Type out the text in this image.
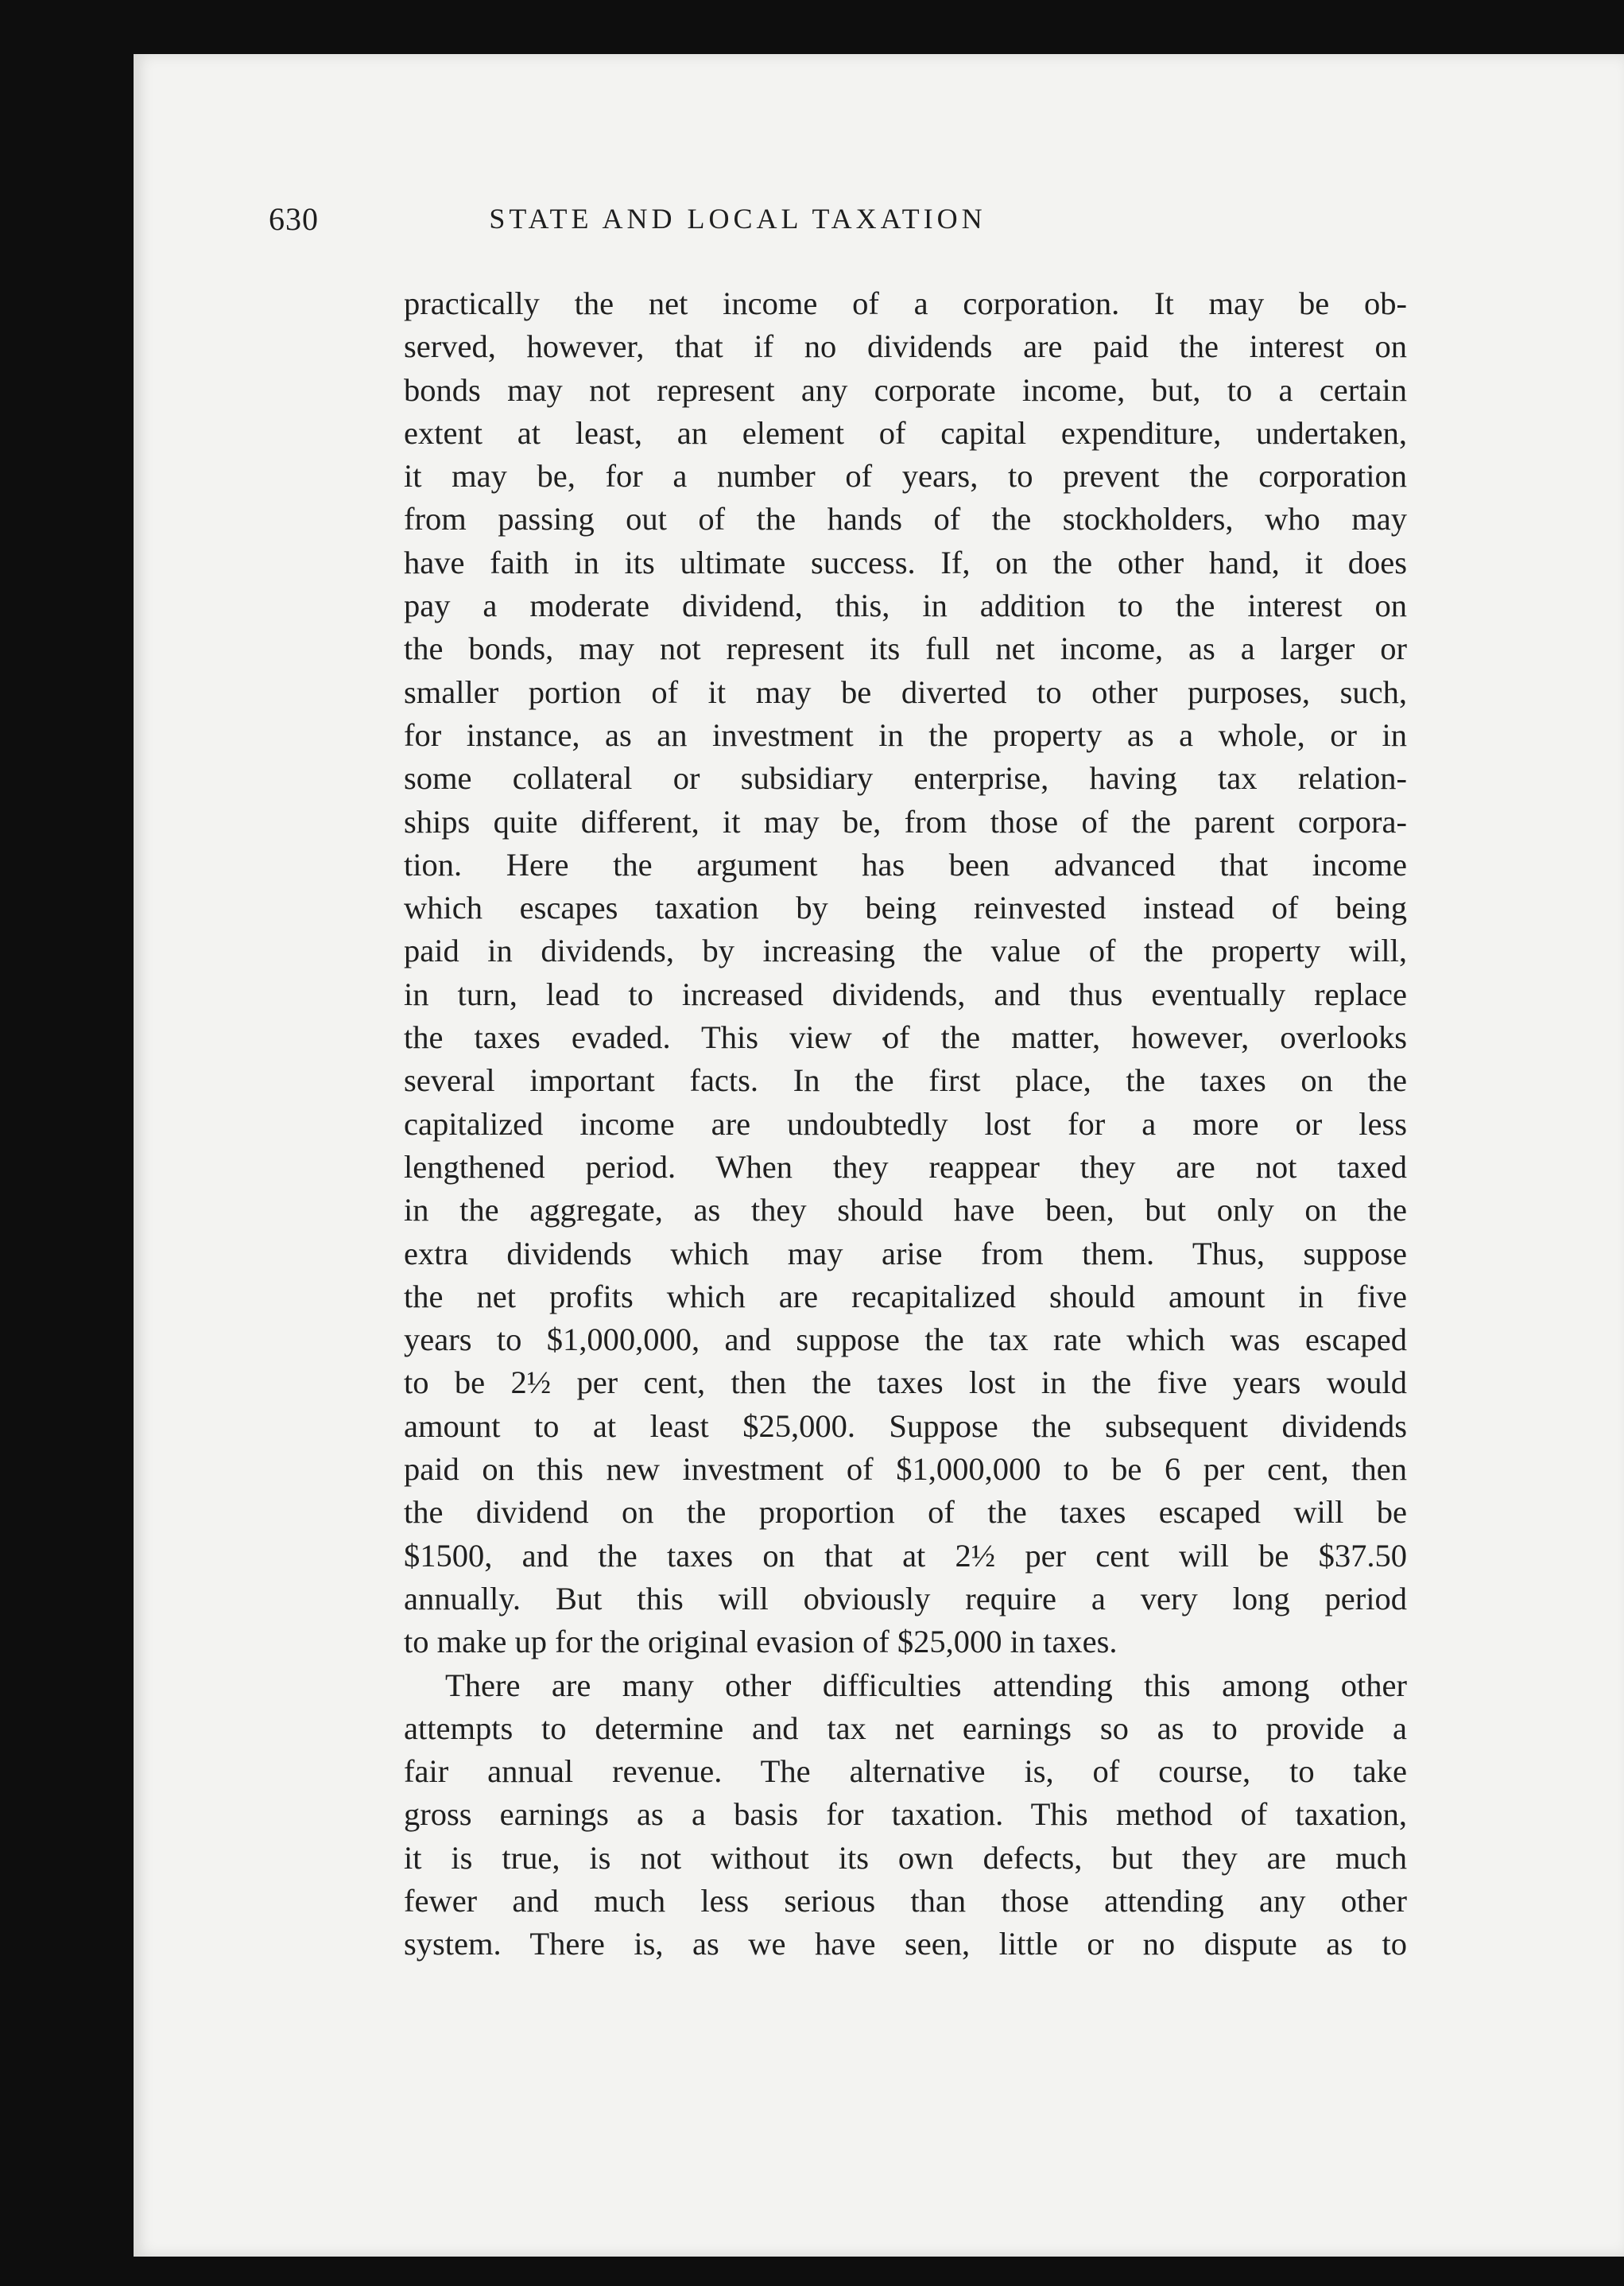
630	STATE AND LOCAL TAXATION

practically the net income of a corporation. It may be ob-

served, however, that if no dividends are paid the interest on

bonds may not represent any corporate income, but, to a certain

extent at least, an element of capital expenditure, undertaken,

it may be, for a number of years, to prevent the corporation

from passing out of the hands of the stockholders, who may

have faith in its ultimate success. If, on the other hand, it does

pay a moderate dividend, this, in addition to the interest on

the bonds, may not represent its full net income, as a larger or

smaller portion of it may be diverted to other purposes, such,

for instance, as an investment in the property as a whole, or in

some collateral or subsidiary enterprise, having tax relation-

ships quite different, it may be, from those of the parent corpora-

tion. Here the argument has been advanced that income

which escapes taxation by being reinvested instead of being

paid in dividends, by increasing the value of the property will,

in turn, lead to increased dividends, and thus eventually replace

the taxes evaded. This view of the matter, however, overlooks

several important facts. In the first place, the taxes on the

capitalized income are undoubtedly lost for a more or less

lengthened period. When they reappear they are not taxed

in the aggregate, as they should have been, but only on the

extra dividends which may arise from them. Thus, suppose

the net profits which are recapitalized should amount in five

years to $1,000,000, and suppose the tax rate which was escaped

to be 2½ per cent, then the taxes lost in the five years would

amount to at least $25,000. Suppose the subsequent dividends

paid on this new investment of $1,000,000 to be 6 per cent, then

the dividend on the proportion of the taxes escaped will be

$1500, and the taxes on that at 2½ per cent will be $37.50

annually. But this will obviously require a very long period

to make up for the original evasion of $25,000 in taxes.

There are many other difficulties attending this among other

attempts to determine and tax net earnings so as to provide a

fair annual revenue. The alternative is, of course, to take

gross earnings as a basis for taxation. This method of taxation,

it is true, is not without its own defects, but they are much

fewer and much less serious than those attending any other

system. There is, as we have seen, little or no dispute as to
